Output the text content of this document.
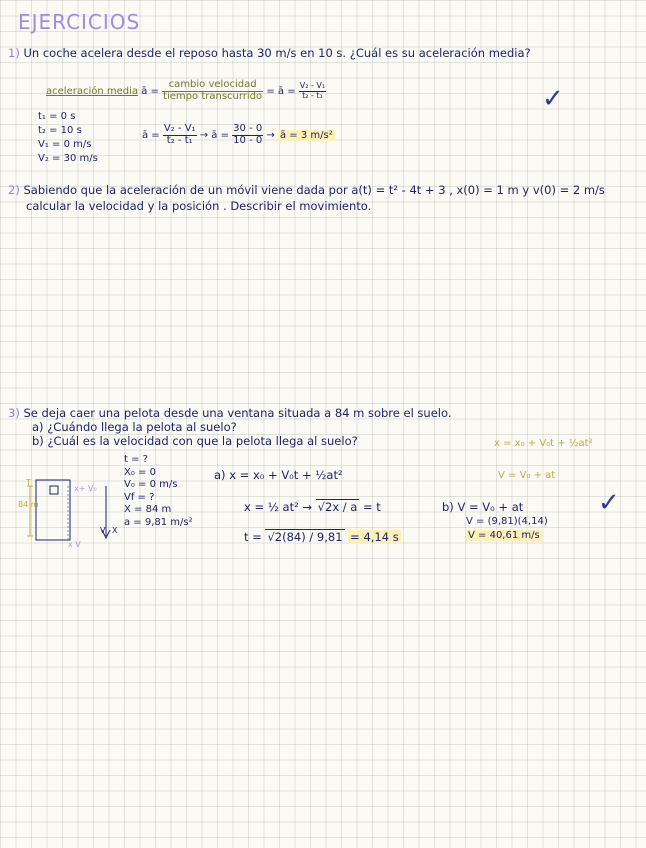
EJERCICIOS
1) Un coche acelera desde el reposo hasta 30 m/s en 10 s. ¿Cuál es su aceleración media?
aceleración media ā = $\frac{\text{cambio velocidad}}{\text{tiempo transcurrido}}$ = ā = $\frac{\text{V₂ - V₁}}{\text{t₂ - t₁}}$	✓
t₁ = 0 s
t₂ = 10 s
V₁ = 0 m/s
V₂ = 30 m/s
ā = $\frac{\text{V₂ - V₁}}{\text{t₂ - t₁}}$ → ā = $\frac{30 - 0}{10 - 0}$ → ā = 3 m/s²
2) Sabiendo que la aceleración de un móvil viene dada por a(t) = t² - 4t + 3 , x(0) = 1 m y v(0) = 2 m/s
calcular la velocidad y la posición . Describir el movimiento.
3) Se deja caer una pelota desde una ventana situada a 84 m sobre el suelo.
a) ¿Cuándo llega la pelota al suelo?
b) ¿Cuál es la velocidad con que la pelota llega al suelo?	x = x₀ + V₀t + ½at²
V = V₀ + at
T
84 m
x+ V₀
x V
V X
t = ?
X₀ = 0
V₀ = 0 m/s
Vf = ?
X = 84 m
a = 9,81 m/s²
a) x = x₀ + V₀t + ½at²
x = ½ at² → √2x / a = t
t = √2(84) / 9,81 = 4,14 s
b) V = V₀ + at
V = (9,81)(4,14)
V = 40,61 m/s
✓
